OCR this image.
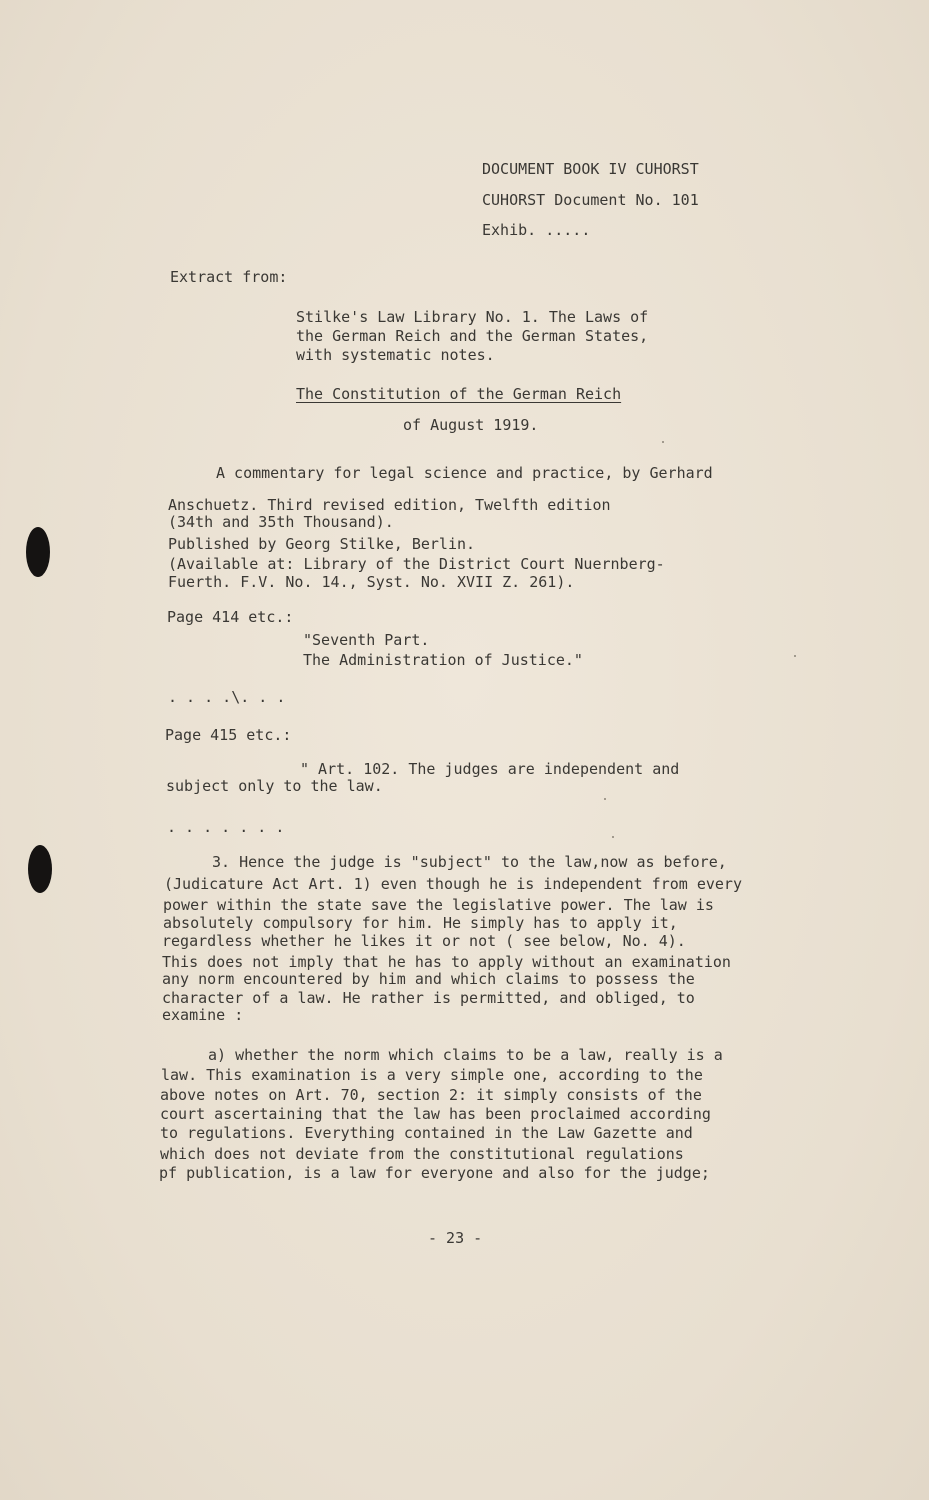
DOCUMENT BOOK IV CUHORST

CUHORST Document No. 101

Exhib. .....

Extract from:

Stilke's Law Library No. 1. The Laws of

the German Reich and the German States,

with systematic notes.

The Constitution of the German Reich

of August 1919.

A commentary for legal science and practice, by Gerhard

Anschuetz. Third revised edition, Twelfth edition

(34th and 35th Thousand).

Published by Georg Stilke, Berlin.

(Available at: Library of the District Court Nuernberg-

Fuerth. F.V. No. 14., Syst. No. XVII Z. 261).

Page 414 etc.:

"Seventh Part.

The Administration of Justice."

. . . .\. . .

Page 415 etc.:

" Art. 102. The judges are independent and

subject only to the law.

. . . . . . .

3. Hence the judge is "subject" to the law,now as before,

(Judicature Act Art. 1) even though he is independent from every

power within the state save the legislative power. The law is

absolutely compulsory for him. He simply has to apply it,

regardless whether he likes it or not ( see below, No. 4).

This does not imply that he has to apply without an examination

any norm encountered by him and which claims to possess the

character of a law. He rather is permitted, and obliged, to

examine :

a) whether the norm which claims to be a law, really is a

law. This examination is a very simple one, according to the

above notes on Art. 70, section 2: it simply consists of the

court ascertaining that the law has been proclaimed according

to regulations. Everything contained in the Law Gazette and

which does not deviate from the constitutional regulations

pf publication, is a law for everyone and also for the judge;

- 23 -
